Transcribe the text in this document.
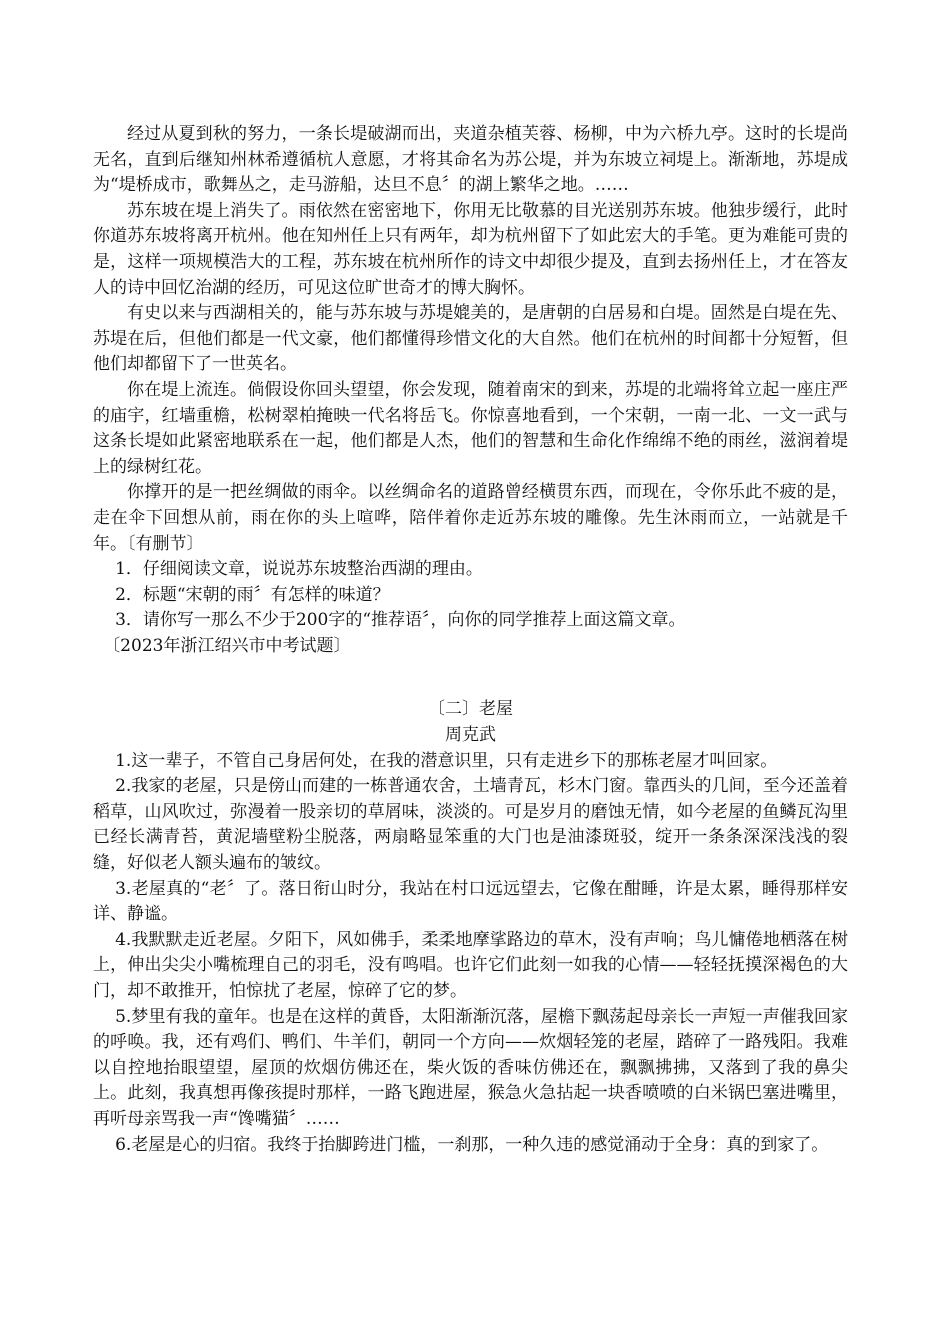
经过从夏到秋的努力，一条长堤破湖而出，夹道杂植芙蓉、杨柳，中为六桥九亭。这时的长堤尚无名，直到后继知州林希遵循杭人意愿，才将其命名为苏公堤，并为东坡立祠堤上。渐渐地，苏堤成为“堤桥成市，歌舞丛之，走马游船，达旦不息〞的湖上繁华之地。……

苏东坡在堤上消失了。雨依然在密密地下，你用无比敬慕的目光送别苏东坡。他独步缓行，此时你道苏东坡将离开杭州。他在知州任上只有两年，却为杭州留下了如此宏大的手笔。更为难能可贵的是，这样一项规模浩大的工程，苏东坡在杭州所作的诗文中却很少提及，直到去扬州任上，才在答友人的诗中回忆治湖的经历，可见这位旷世奇才的博大胸怀。

有史以来与西湖相关的，能与苏东坡与苏堤媲美的，是唐朝的白居易和白堤。固然是白堤在先、苏堤在后，但他们都是一代文豪，他们都懂得珍惜文化的大自然。他们在杭州的时间都十分短暂，但他们却都留下了一世英名。

你在堤上流连。倘假设你回头望望，你会发现，随着南宋的到来，苏堤的北端将耸立起一座庄严的庙宇，红墙重檐，松树翠柏掩映一代名将岳飞。你惊喜地看到，一个宋朝，一南一北、一文一武与这条长堤如此紧密地联系在一起，他们都是人杰，他们的智慧和生命化作绵绵不绝的雨丝，滋润着堤上的绿树红花。

你撑开的是一把丝绸做的雨伞。以丝绸命名的道路曾经横贯东西，而现在，令你乐此不疲的是，走在伞下回想从前，雨在你的头上喧哗，陪伴着你走近苏东坡的雕像。先生沐雨而立，一站就是千年。〔有删节〕

1．仔细阅读文章，说说苏东坡整治西湖的理由。

2．标题“宋朝的雨〞有怎样的味道？

3．请你写一那么不少于200字的“推荐语〞，向你的同学推荐上面这篇文章。

〔2023年浙江绍兴市中考试题〕

〔二〕老屋

周克武

1.这一辈子，不管自己身居何处，在我的潜意识里，只有走进乡下的那栋老屋才叫回家。

2.我家的老屋，只是傍山而建的一栋普通农舍，土墙青瓦，杉木门窗。靠西头的几间，至今还盖着稻草，山风吹过，弥漫着一股亲切的草屑味，淡淡的。可是岁月的磨蚀无情，如今老屋的鱼鳞瓦沟里已经长满青苔，黄泥墙壁粉尘脱落，两扇略显笨重的大门也是油漆斑驳，绽开一条条深深浅浅的裂缝，好似老人额头遍布的皱纹。

3.老屋真的“老〞了。落日衔山时分，我站在村口远远望去，它像在酣睡，许是太累，睡得那样安详、静谧。

4.我默默走近老屋。夕阳下，风如佛手，柔柔地摩挲路边的草木，没有声响；鸟儿慵倦地栖落在树上，伸出尖尖小嘴梳理自己的羽毛，没有鸣唱。也许它们此刻一如我的心情——轻轻抚摸深褐色的大门，却不敢推开，怕惊扰了老屋，惊碎了它的梦。

5.梦里有我的童年。也是在这样的黄昏，太阳渐渐沉落，屋檐下飘荡起母亲长一声短一声催我回家的呼唤。我，还有鸡们、鸭们、牛羊们，朝同一个方向——炊烟轻笼的老屋，踏碎了一路残阳。我难以自控地抬眼望望，屋顶的炊烟仿佛还在，柴火饭的香味仿佛还在，飘飘拂拂，又落到了我的鼻尖上。此刻，我真想再像孩提时那样，一路飞跑进屋，猴急火急拈起一块香喷喷的白米锅巴塞进嘴里，再听母亲骂我一声“馋嘴猫〞……

6.老屋是心的归宿。我终于抬脚跨进门槛，一刹那，一种久违的感觉涌动于全身：真的到家了。
